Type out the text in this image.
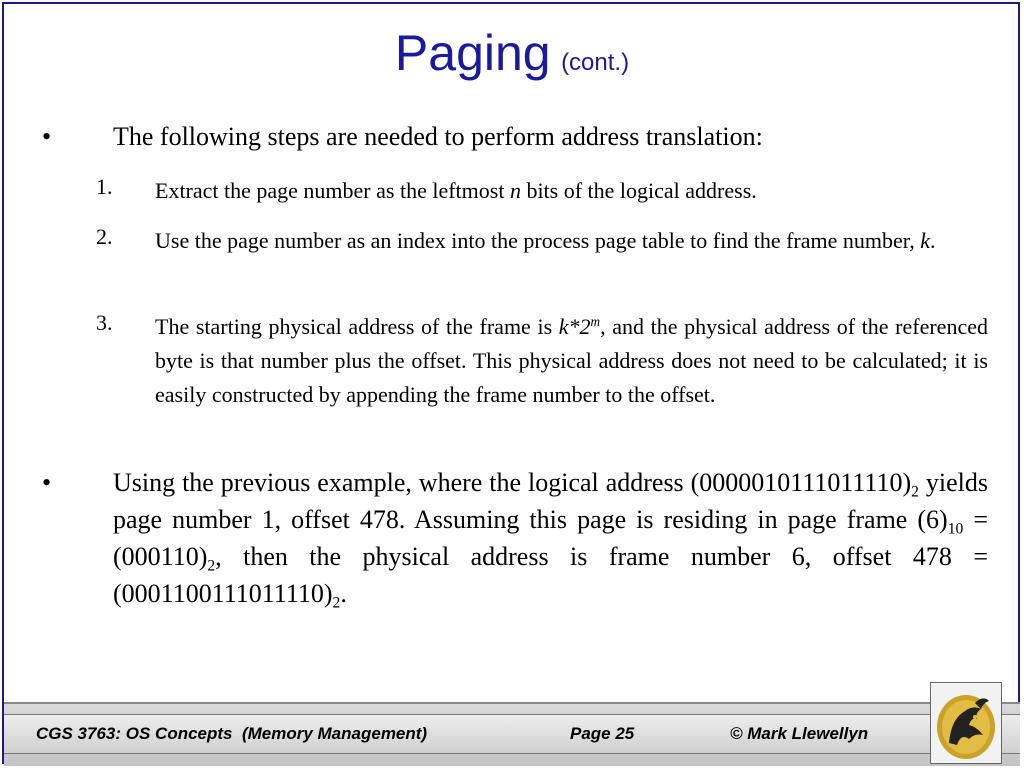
Paging (cont.)
• The following steps are needed to perform address translation:
1. Extract the page number as the leftmost n bits of the logical address.
2. Use the page number as an index into the process page table to find the frame number, k.
3. The starting physical address of the frame is k*2$^m$, and the physical address of the referenced byte is that number plus the offset. This physical address does not need to be calculated; it is easily constructed by appending the frame number to the offset.
• Using the previous example, where the logical address $(0000010111011110)_2$ yields page number 1, offset 478. Assuming this page is residing in page frame $(6)_{10} = (000110)_2$, then the physical address is frame number 6, offset $478 = (0001100111011110)_2$.
CGS 3763: OS Concepts  (Memory Management)	Page 25	© Mark Llewellyn
